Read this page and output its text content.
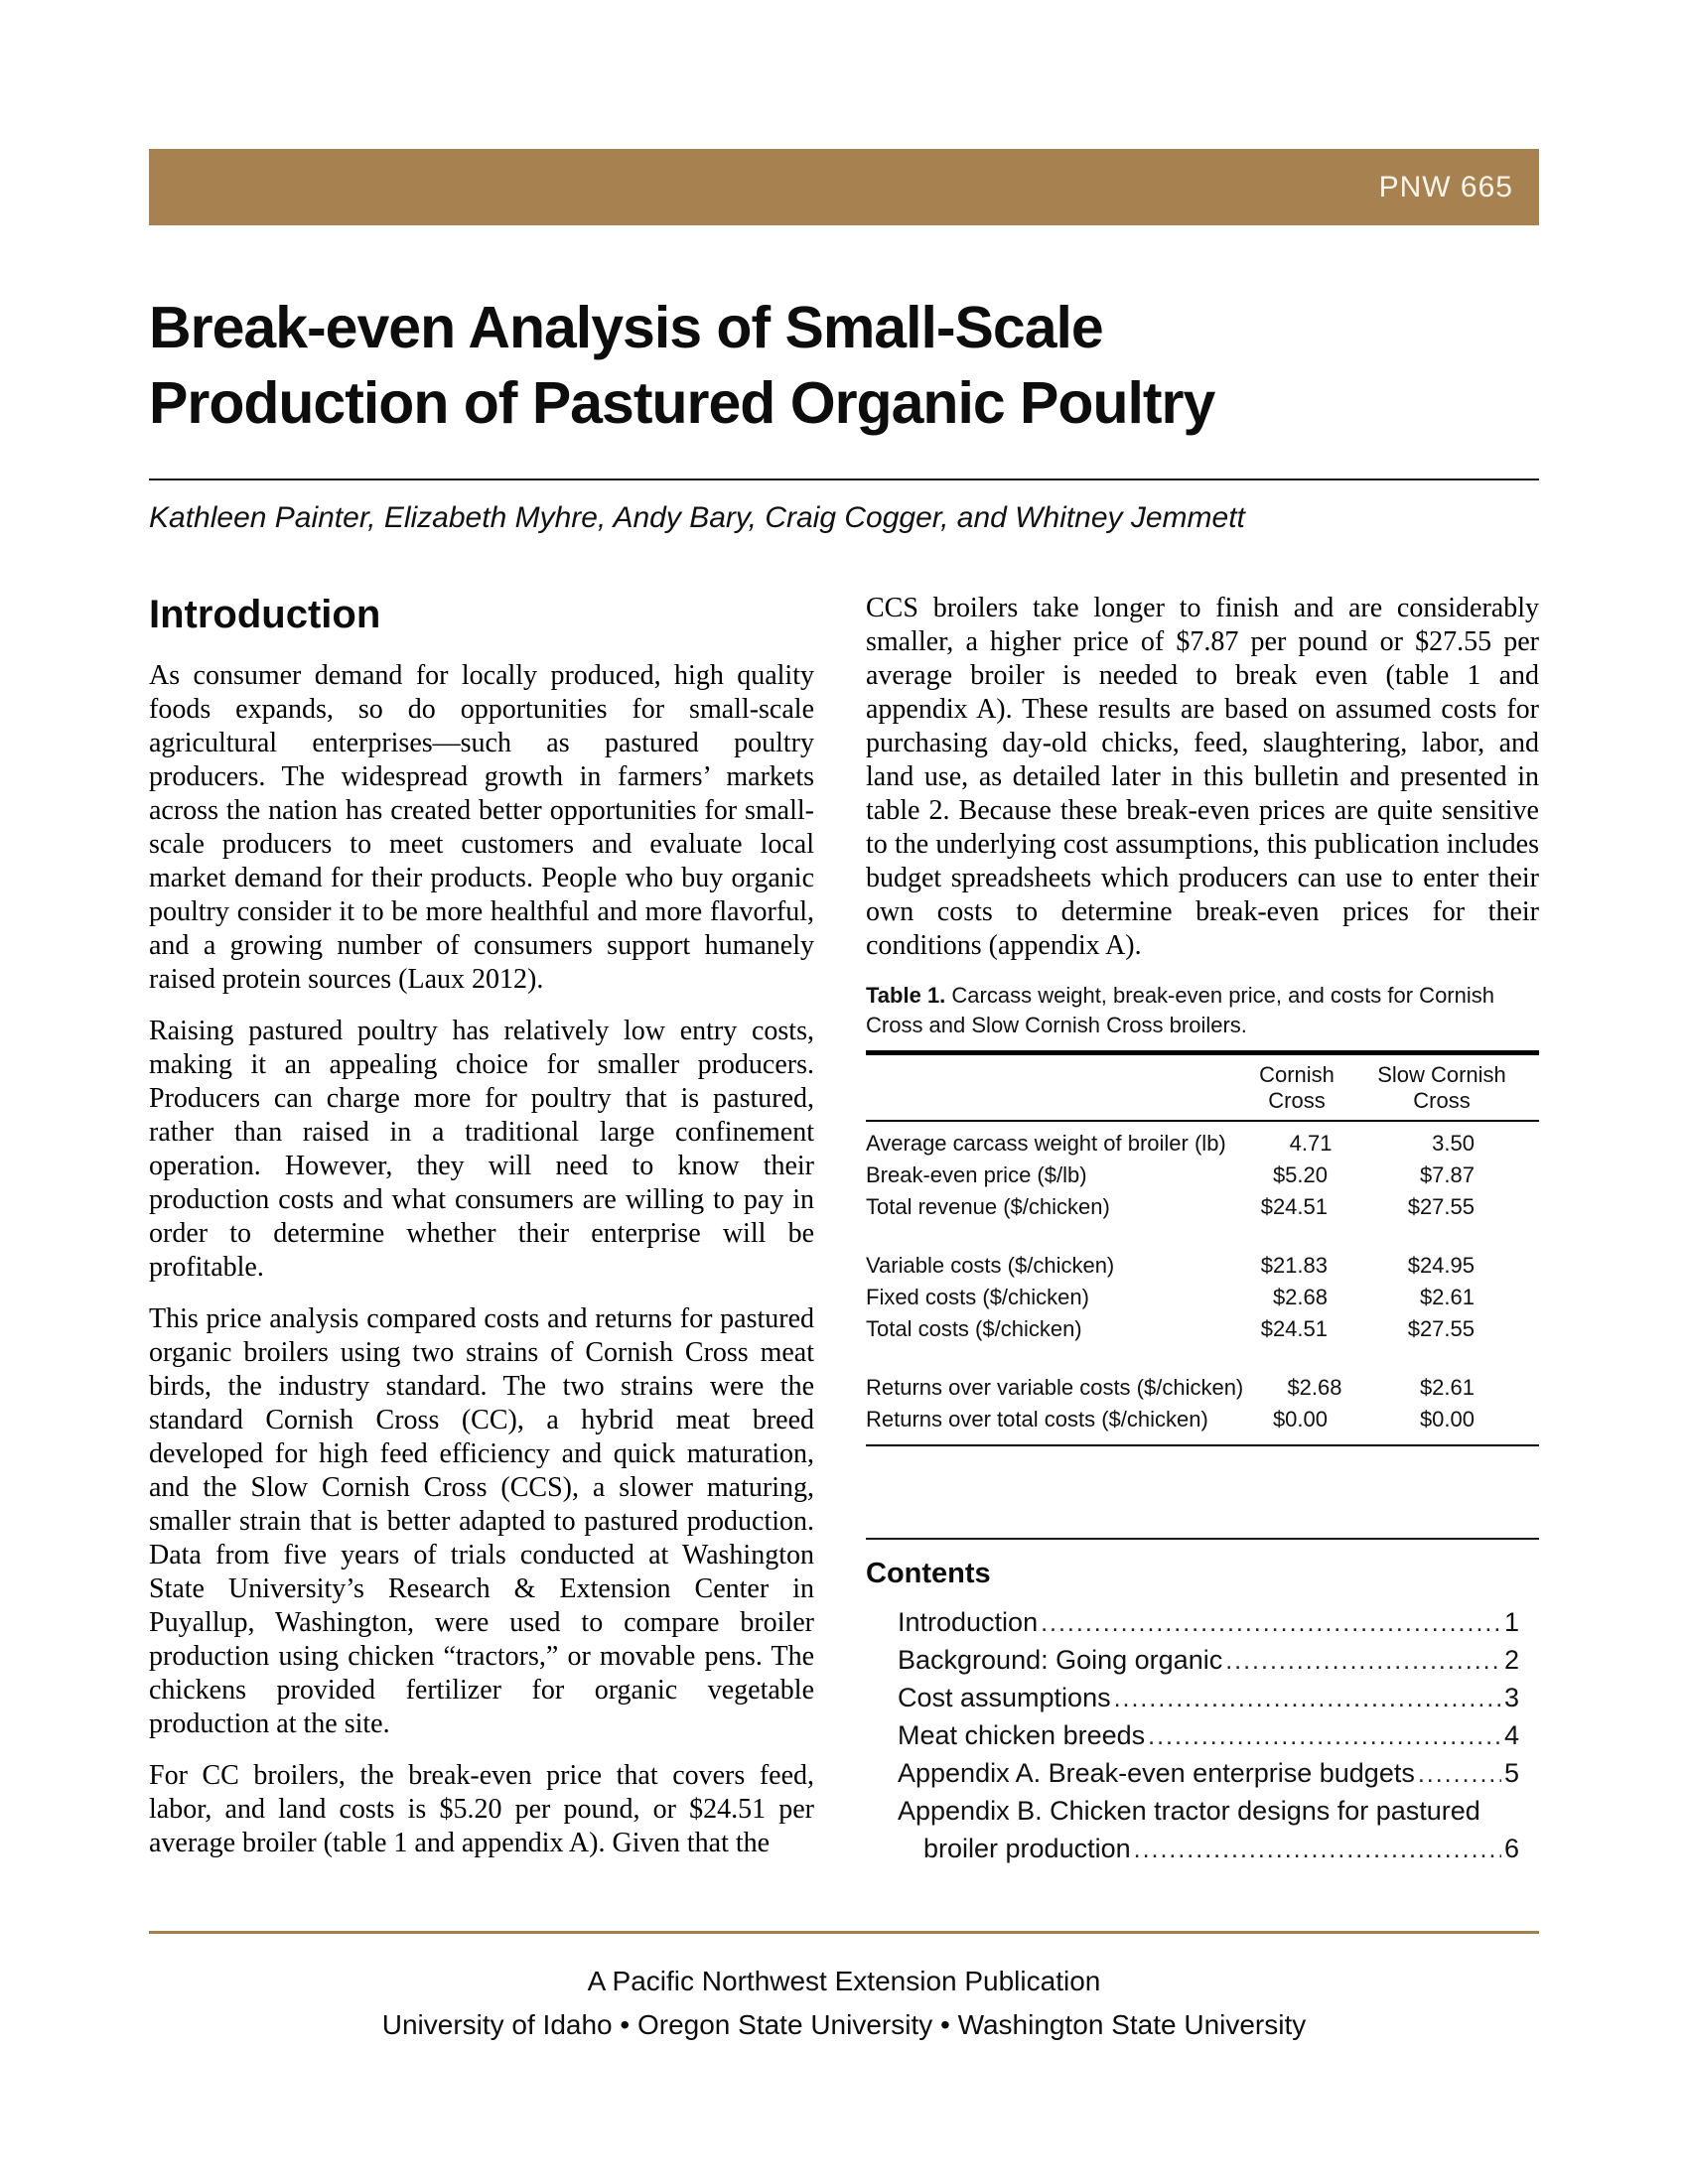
PNW 665
Break-even Analysis of Small-Scale
Production of Pastured Organic Poultry

Kathleen Painter, Elizabeth Myhre, Andy Bary, Craig Cogger, and Whitney Jemmett

Introduction

As consumer demand for locally produced, high quality foods expands, so do opportunities for small-scale agricultural enterprises—such as pastured poultry producers. The widespread growth in farmers’ markets across the nation has created better opportunities for small-scale producers to meet customers and evaluate local market demand for their products. People who buy organic poultry consider it to be more healthful and more flavorful, and a growing number of consumers support humanely raised protein sources (Laux 2012).

Raising pastured poultry has relatively low entry costs, making it an appealing choice for smaller producers. Producers can charge more for poultry that is pastured, rather than raised in a traditional large confinement operation. However, they will need to know their production costs and what consumers are willing to pay in order to determine whether their enterprise will be profitable.

This price analysis compared costs and returns for pastured organic broilers using two strains of Cornish Cross meat birds, the industry standard. The two strains were the standard Cornish Cross (CC), a hybrid meat breed developed for high feed efficiency and quick maturation, and the Slow Cornish Cross (CCS), a slower maturing, smaller strain that is better adapted to pastured production. Data from five years of trials conducted at Washington State University’s Research & Extension Center in Puyallup, Washington, were used to compare broiler production using chicken “tractors,” or movable pens. The chickens provided fertilizer for organic vegetable production at the site.

For CC broilers, the break-even price that covers feed, labor, and land costs is $5.20 per pound, or $24.51 per average broiler (table 1 and appendix A). Given that the

CCS broilers take longer to finish and are considerably smaller, a higher price of $7.87 per pound or $27.55 per average broiler is needed to break even (table 1 and appendix A). These results are based on assumed costs for purchasing day-old chicks, feed, slaughtering, labor, and land use, as detailed later in this bulletin and presented in table 2. Because these break-even prices are quite sensitive to the underlying cost assumptions, this publication includes budget spreadsheets which producers can use to enter their own costs to determine break-even prices for their conditions (appendix A).

Table 1. Carcass weight, break-even price, and costs for Cornish Cross and Slow Cornish Cross broilers.

Cornish
Cross
Slow Cornish
Cross
Average carcass weight of broiler (lb)	4.71	3.50
Break-even price ($/lb)	$5.20	$7.87
Total revenue ($/chicken)	$24.51	$27.55
Variable costs ($/chicken)	$21.83	$24.95
Fixed costs ($/chicken)	$2.68	$2.61
Total costs ($/chicken)	$24.51	$27.55
Returns over variable costs ($/chicken)	$2.68	$2.61
Returns over total costs ($/chicken)	$0.00	$0.00
Contents
Introduction .....	1
Background: Going organic .....	2
Cost assumptions .....	3
Meat chicken breeds .....	4
Appendix A. Break-even enterprise budgets .....	5
Appendix B. Chicken tractor designs for pastured
broiler production .....	6

A Pacific Northwest Extension Publication

University of Idaho • Oregon State University • Washington State University
